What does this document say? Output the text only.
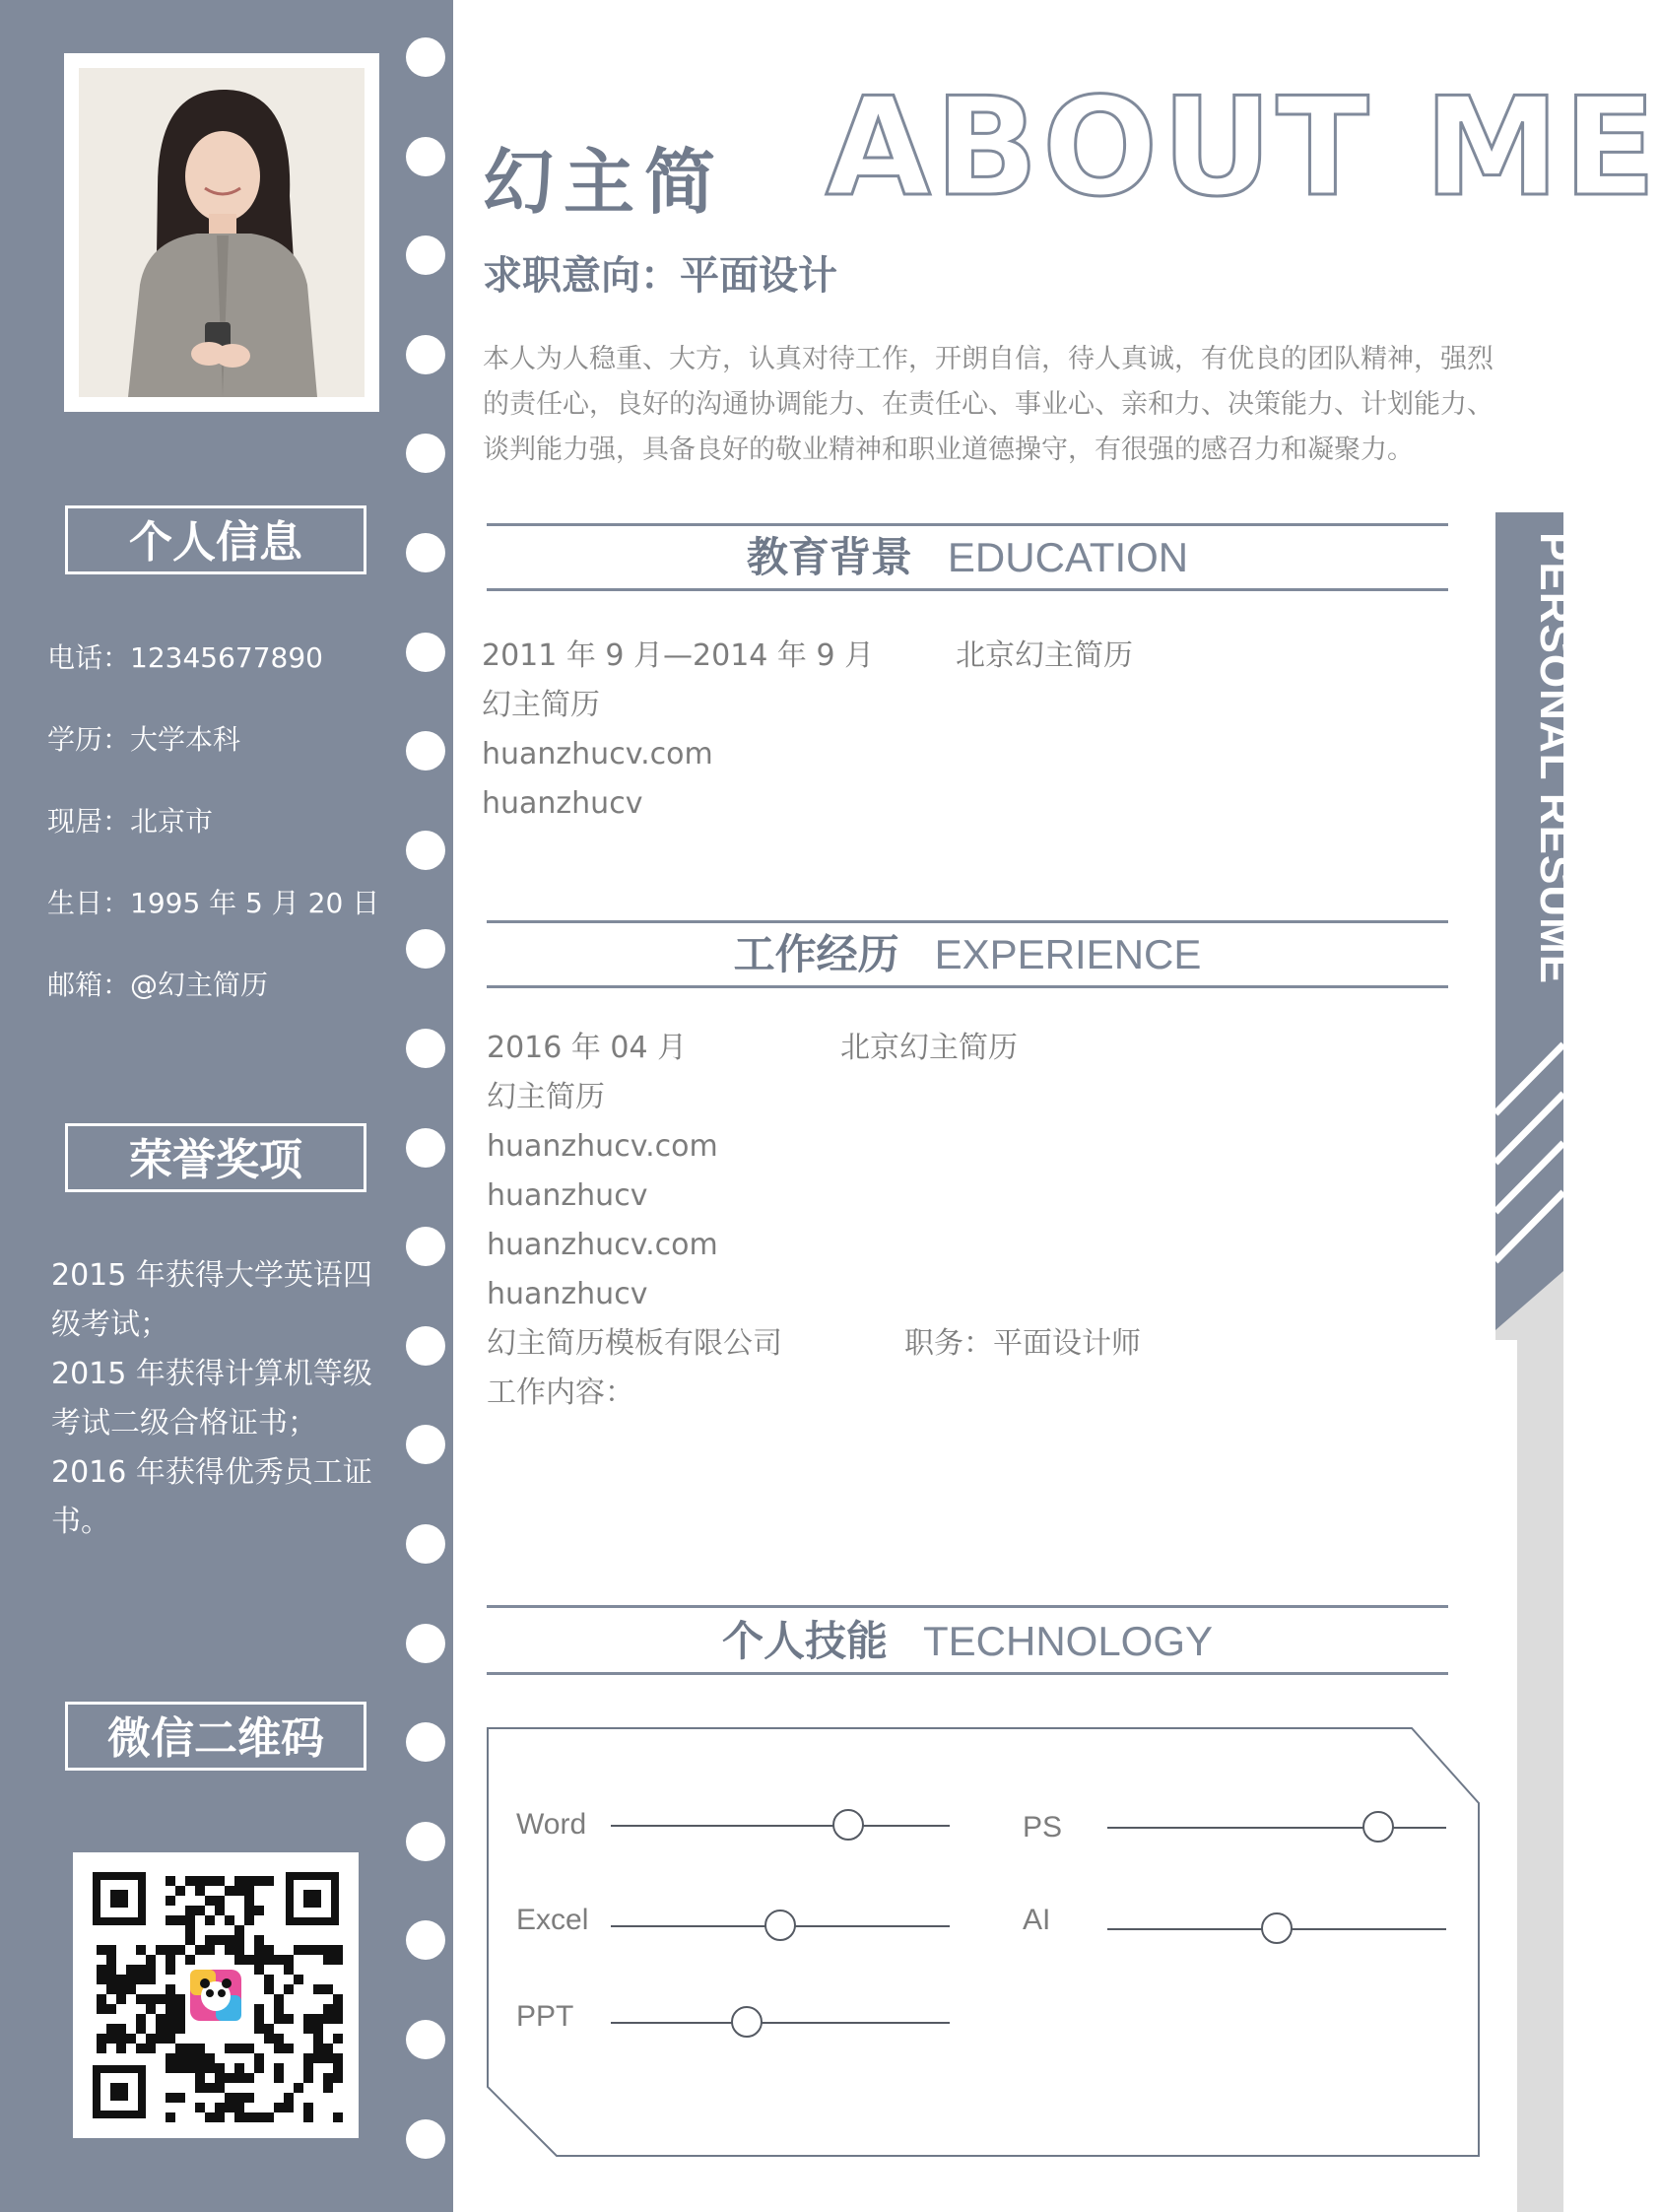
个人信息
电话：12345677890
学历：大学本科
现居：北京市
生日：1995 年 5 月 20 日
邮箱：@幻主简历
荣誉奖项
2015 年获得大学英语四级考试；
2015 年获得计算机等级考试二级合格证书；
2016 年获得优秀员工证书。
微信二维码
PERSONAL RESUME
ABOUT ME
幻主简
求职意向：平面设计
本人为人稳重、大方，认真对待工作，开朗自信，待人真诚，有优良的团队精神，强烈的责任心，良好的沟通协调能力、在责任心、事业心、亲和力、决策能力、计划能力、谈判能力强，具备良好的敬业精神和职业道德操守，有很强的感召力和凝聚力。
教育背景 EDUCATION
2011 年 9 月—2014 年 9 月	北京幻主简历
幻主简历
huanzhucv.com
huanzhucv
工作经历 EXPERIENCE
2016 年 04 月	北京幻主简历
幻主简历
huanzhucv.com
huanzhucv
huanzhucv.com
huanzhucv
幻主简历模板有限公司	职务：平面设计师
工作内容：
个人技能 TECHNOLOGY
Word
Excel
PPT
PS
AI
